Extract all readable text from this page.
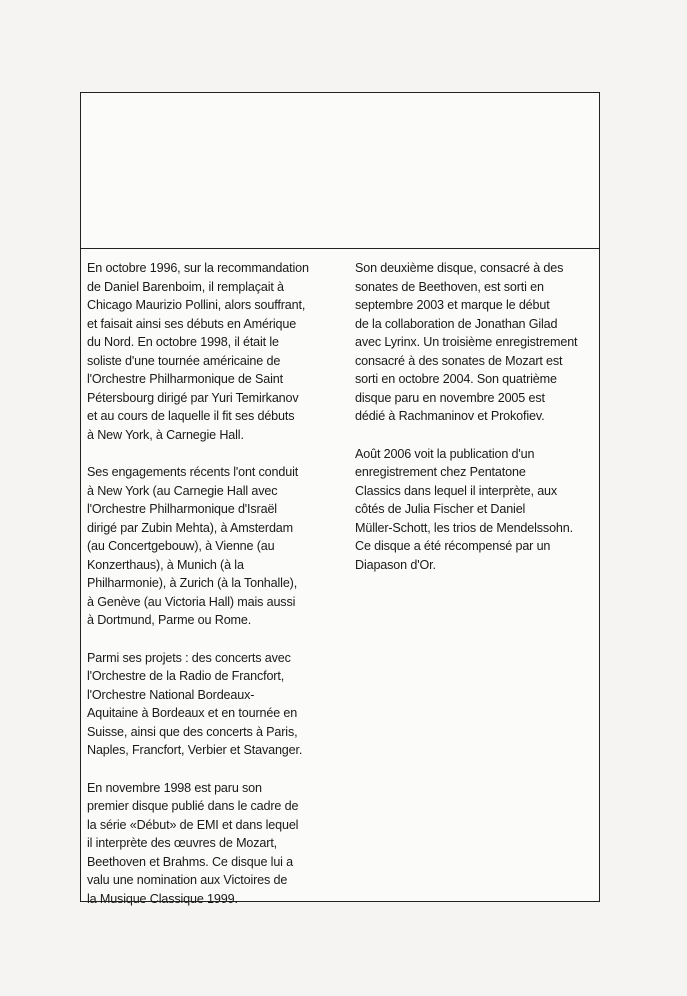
En octobre 1996, sur la recommandation
de Daniel Barenboim, il remplaçait à
Chicago Maurizio Pollini, alors souffrant,
et faisait ainsi ses débuts en Amérique
du Nord. En octobre 1998, il était le
soliste d'une tournée américaine de
l'Orchestre Philharmonique de Saint
Pétersbourg dirigé par Yuri Temirkanov
et au cours de laquelle il fit ses débuts
à New York, à Carnegie Hall.
Ses engagements récents l'ont conduit
à New York (au Carnegie Hall avec
l'Orchestre Philharmonique d'Israël
dirigé par Zubin Mehta), à Amsterdam
(au Concertgebouw), à Vienne (au
Konzerthaus), à Munich (à la
Philharmonie), à Zurich (à la Tonhalle),
à Genève (au Victoria Hall) mais aussi
à Dortmund, Parme ou Rome.
Parmi ses projets : des concerts avec
l'Orchestre de la Radio de Francfort,
l'Orchestre National Bordeaux-
Aquitaine à Bordeaux et en tournée en
Suisse, ainsi que des concerts à Paris,
Naples, Francfort, Verbier et Stavanger.
En novembre 1998 est paru son
premier disque publié dans le cadre de
la série «Début» de EMI et dans lequel
il interprète des œuvres de Mozart,
Beethoven et Brahms. Ce disque lui a
valu une nomination aux Victoires de
la Musique Classique 1999.
Son deuxième disque, consacré à des
sonates de Beethoven, est sorti en
septembre 2003 et marque le début
de la collaboration de Jonathan Gilad
avec Lyrinx. Un troisième enregistrement
consacré à des sonates de Mozart est
sorti en octobre 2004. Son quatrième
disque paru en novembre 2005 est
dédié à Rachmaninov et Prokofiev.
Août 2006 voit la publication d'un
enregistrement chez Pentatone
Classics dans lequel il interprète, aux
côtés de Julia Fischer et Daniel
Müller-Schott, les trios de Mendelssohn.
Ce disque a été récompensé par un
Diapason d'Or.
